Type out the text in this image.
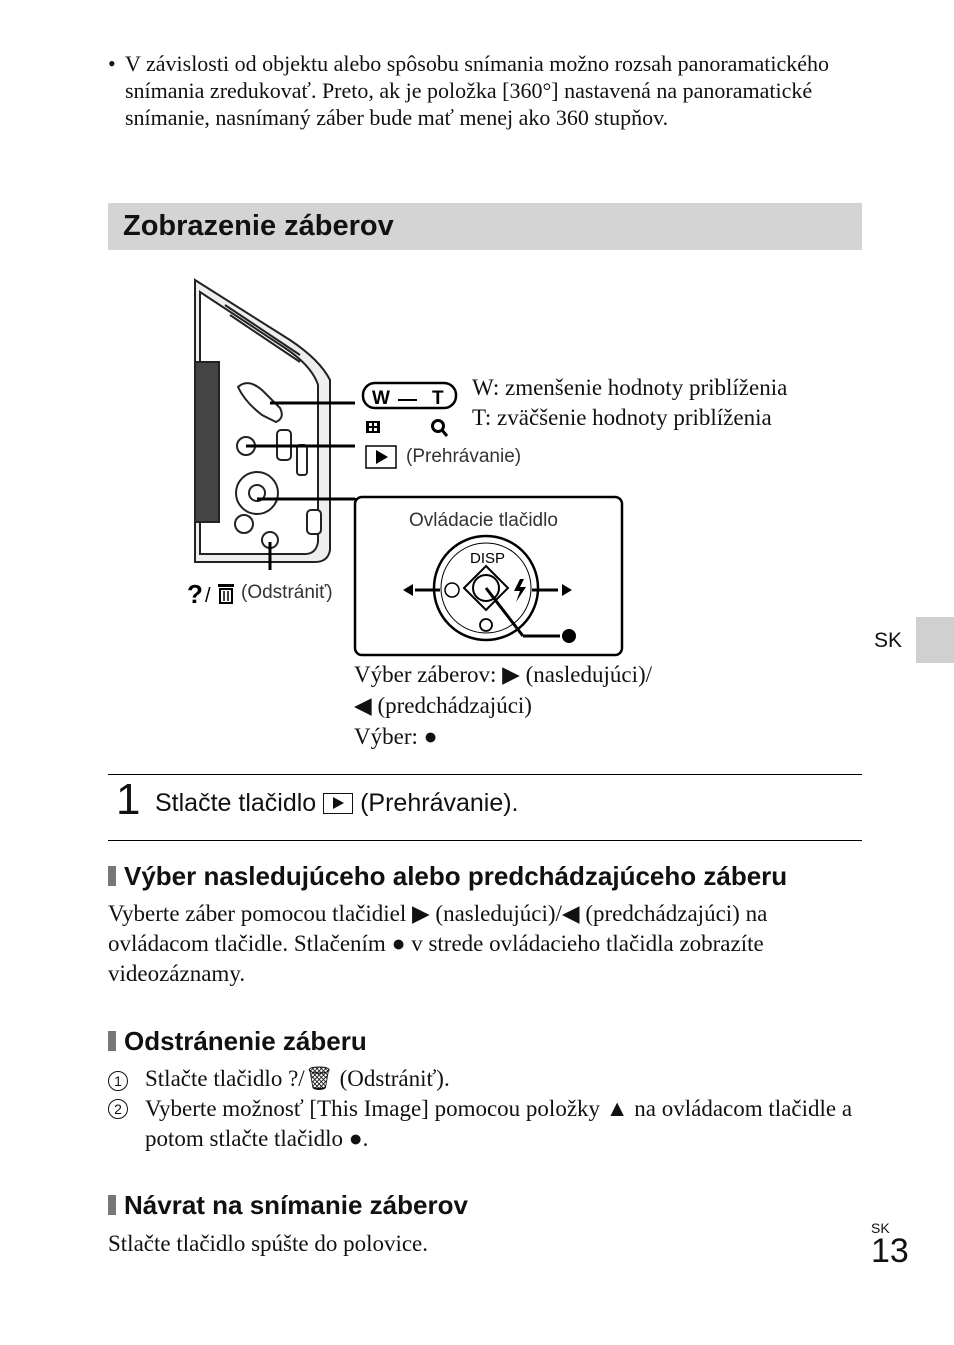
• V závislosti od objektu alebo spôsobu snímania možno rozsah panoramatického snímania zredukovať. Preto, ak je položka [360°] nastavená na panoramatické snímanie, nasnímaný záber bude mať menej ako 360 stupňov.
Zobrazenie záberov
W T
DISP
? /
W: zmenšenie hodnoty priblíženia
T: zväčšenie hodnoty priblíženia
(Prehrávanie)
(Odstrániť)
Ovládacie tlačidlo
Výber záberov: ▶ (nasledujúci)/
◀ (predchádzajúci)
Výber: ●
SK
1 Stlačte tlačidlo (Prehrávanie).
Výber nasledujúceho alebo predchádzajúceho záberu
Vyberte záber pomocou tlačidiel ▶ (nasledujúci)/◀ (predchádzajúci) na ovládacom tlačidle. Stlačením ● v strede ovládacieho tlačidla zobrazíte videozáznamy.
Odstránenie záberu
1 Stlačte tlačidlo ?/🗑 (Odstrániť).
2 Vyberte možnosť [This Image] pomocou položky ▲ na ovládacom tlačidle a potom stlačte tlačidlo ●.
Návrat na snímanie záberov
Stlačte tlačidlo spúšte do polovice.
SK
13
